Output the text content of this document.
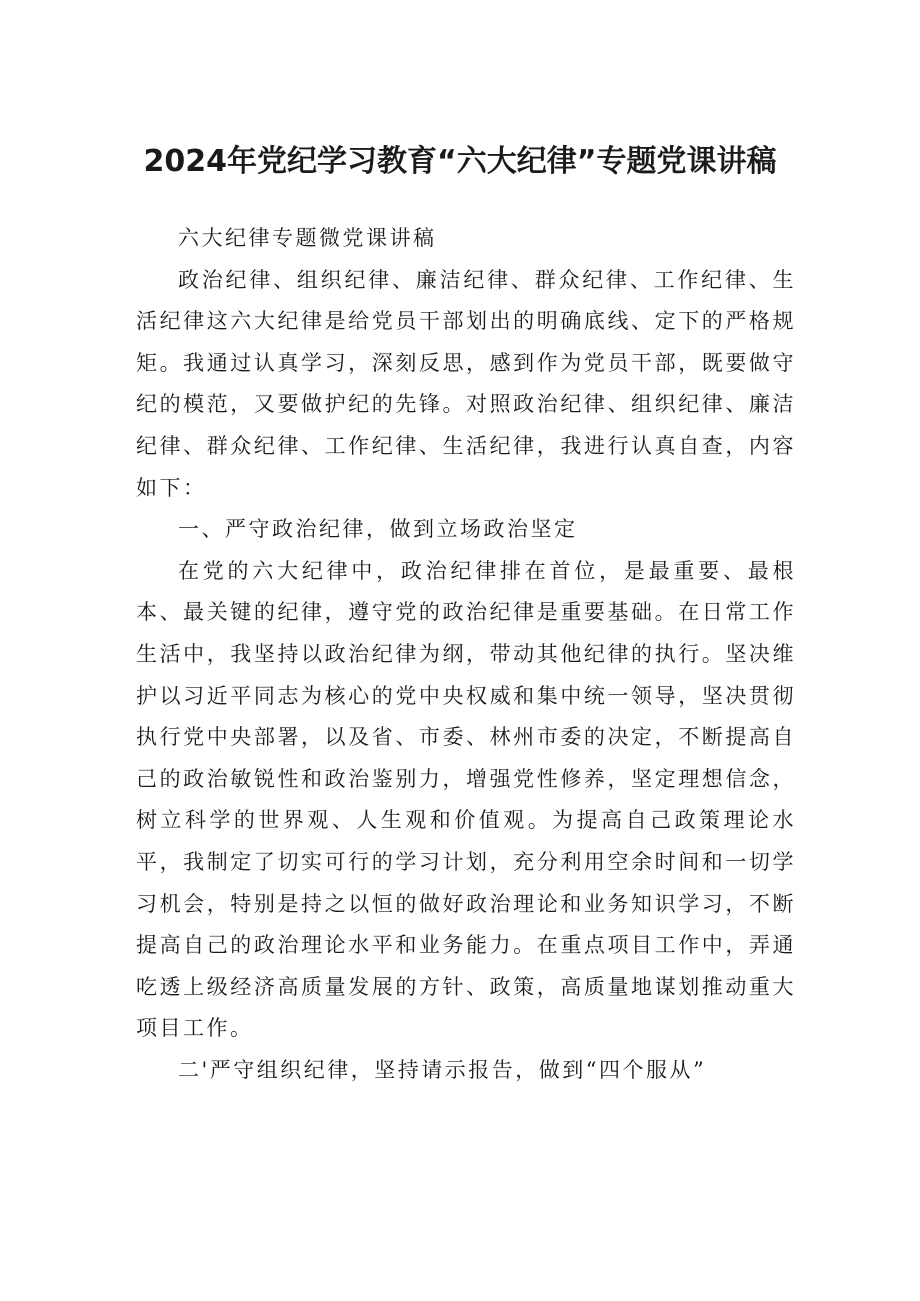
2024年党纪学习教育“六大纪律”专题党课讲稿

六大纪律专题微党课讲稿

政治纪律、组织纪律、廉洁纪律、群众纪律、工作纪律、生活纪律这六大纪律是给党员干部划出的明确底线、定下的严格规矩。我通过认真学习，深刻反思，感到作为党员干部，既要做守纪的模范，又要做护纪的先锋。对照政治纪律、组织纪律、廉洁纪律、群众纪律、工作纪律、生活纪律，我进行认真自查，内容如下：

一、严守政治纪律，做到立场政治坚定

在党的六大纪律中，政治纪律排在首位，是最重要、最根本、最关键的纪律，遵守党的政治纪律是重要基础。在日常工作生活中，我坚持以政治纪律为纲，带动其他纪律的执行。坚决维护以习近平同志为核心的党中央权威和集中统一领导，坚决贯彻执行党中央部署，以及省、市委、林州市委的决定，不断提高自己的政治敏锐性和政治鉴别力，增强党性修养，坚定理想信念，树立科学的世界观、人生观和价值观。为提高自己政策理论水平，我制定了切实可行的学习计划，充分利用空余时间和一切学习机会，特别是持之以恒的做好政治理论和业务知识学习，不断提高自己的政治理论水平和业务能力。在重点项目工作中，弄通吃透上级经济高质量发展的方针、政策，高质量地谋划推动重大项目工作。

二'严守组织纪律，坚持请示报告，做到“四个服从”
